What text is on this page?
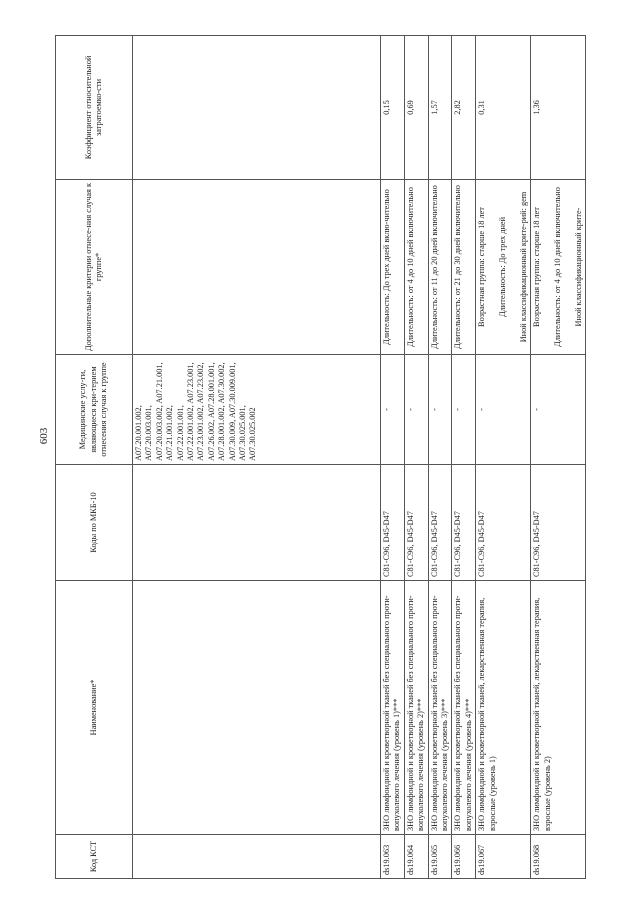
603
Код КСТ	Наименование*	Коды по МКБ-10	Медицинские услу-ги, являющиеся кри-терием отнесения случая к группе	Дополнительные критерии отнесе-ния случая к группе*	Коэффициент относительной затратоемко-сти
			A07.20.001.002, A07.20.003.001, A07.20.003.002, A07.21.001, A07.21.001.002, A07.22.001.001, A07.22.001.002, A07.23.001, A07.23.001.002, A07.23.002, A07.26.002, A07.28.001.001, A07.28.001.002, A07.30.002, A07.30.009, A07.30.009.001, A07.30.025.001, A07.30.025.002		
ds19.063	ЗНО лимфоидной и кроветворной тканей без специального проти-вопухолевого лечения (уровень 1)***	C81-C96, D45-D47	-	Длительность: До трех дней вклю-чительно	0,15
ds19.064	ЗНО лимфоидной и кроветворной тканей без специального проти-вопухолевого лечения (уровень 2)***	C81-C96, D45-D47	-	Длительность: от 4 до 10 дней включительно	0,69
ds19.065	ЗНО лимфоидной и кроветворной тканей без специального проти-вопухолевого лечения (уровень 3)***	C81-C96, D45-D47	-	Длительность: от 11 до 20 дней включительно	1,57
ds19.066	ЗНО лимфоидной и кроветворной тканей без специального проти-вопухолевого лечения (уровень 4)***	C81-C96, D45-D47	-	Длительность: от 21 до 30 дней включительно	2,82
ds19.067	ЗНО лимфоидной и кроветворной тканей, лекарственная терапия, взрослые (уровень 1)	C81-C96, D45-D47	-	Возрастная группа: старше 18 лет Длительность: До трех дней Иной классификационный крите-рий: gem	0,31
ds19.068	ЗНО лимфоидной и кроветворной тканей, лекарственная терапия, взрослые (уровень 2)	C81-C96, D45-D47	-	Возрастная группа: старше 18 лет Длительность: от 4 до 10 дней включительно Иной классификационный крите-	1,36
